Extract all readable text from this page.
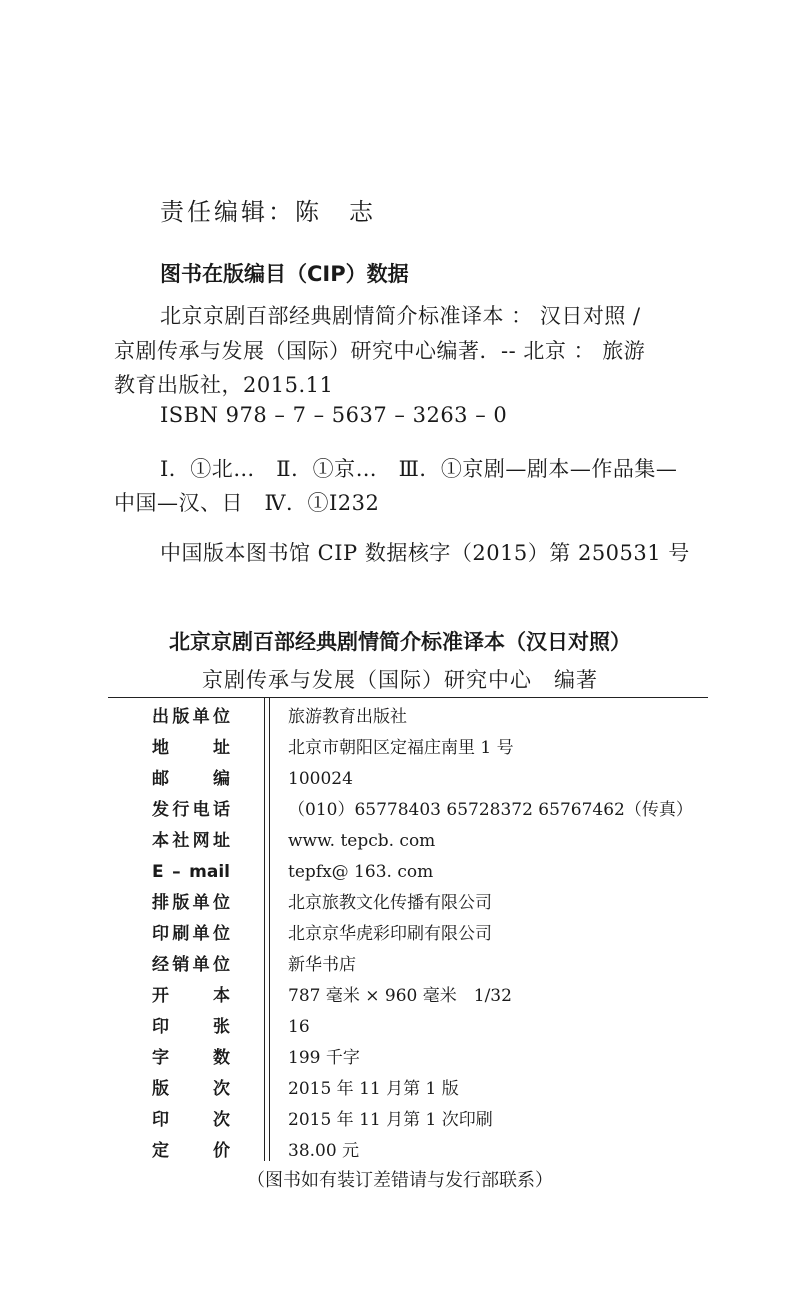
责任编辑：陈　志
图书在版编目（CIP）数据
北京京剧百部经典剧情简介标准译本 ： 汉日对照 /
京剧传承与发展（国际）研究中心编著．-- 北京 ： 旅游
教育出版社，2015.11
ISBN 978 – 7 – 5637 – 3263 – 0
Ⅰ．①北…　Ⅱ．①京…　Ⅲ．①京剧—剧本—作品集—
中国—汉、日　Ⅳ．①I232
中国版本图书馆 CIP 数据核字（2015）第 250531 号
北京京剧百部经典剧情简介标准译本（汉日对照）
京剧传承与发展（国际）研究中心　编著
出版单位	旅游教育出版社
地址	北京市朝阳区定福庄南里 1 号
邮编	100024
发行电话	（010）65778403 65728372 65767462（传真）
本社网址	www. tepcb. com
E – mail	tepfx@ 163. com
排版单位	北京旅教文化传播有限公司
印刷单位	北京京华虎彩印刷有限公司
经销单位	新华书店
开本	787 毫米 × 960 毫米　1/32
印张	16
字数	199 千字
版次	2015 年 11 月第 1 版
印次	2015 年 11 月第 1 次印刷
定价	38.00 元
（图书如有装订差错请与发行部联系）
